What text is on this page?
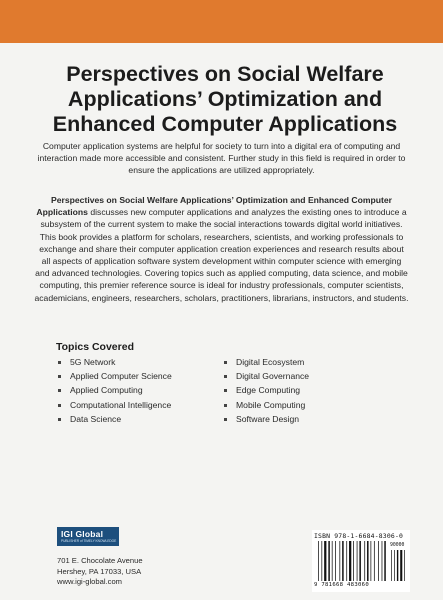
Perspectives on Social Welfare Applications’ Optimization and Enhanced Computer Applications

Computer application systems are helpful for society to turn into a digital era of computing and interaction made more accessible and consistent. Further study in this field is required in order to ensure the applications are utilized appropriately.

Perspectives on Social Welfare Applications’ Optimization and Enhanced Computer Applications discusses new computer applications and analyzes the existing ones to introduce a subsystem of the current system to make the social interactions towards digital world initiatives. This book provides a platform for scholars, researchers, scientists, and working professionals to exchange and share their computer application creation experiences and research results about all aspects of application software system development within computer science with emerging and advanced technologies. Covering topics such as applied computing, data science, and mobile computing, this premier reference source is ideal for industry professionals, computer scientists, academicians, engineers, researchers, scholars, practitioners, librarians, instructors, and students.

Topics Covered
5G Network
Applied Computer Science
Applied Computing
Computational Intelligence
Data Science
Digital Ecosystem
Digital Governance
Edge Computing
Mobile Computing
Software Design
IGI Global
PUBLISHER of TIMELY KNOWLEDGE

701 E. Chocolate Avenue
Hershey, PA 17033, USA
www.igi-global.com

ISBN 978-1-6684-8306-0
90000
9 781668 483060
